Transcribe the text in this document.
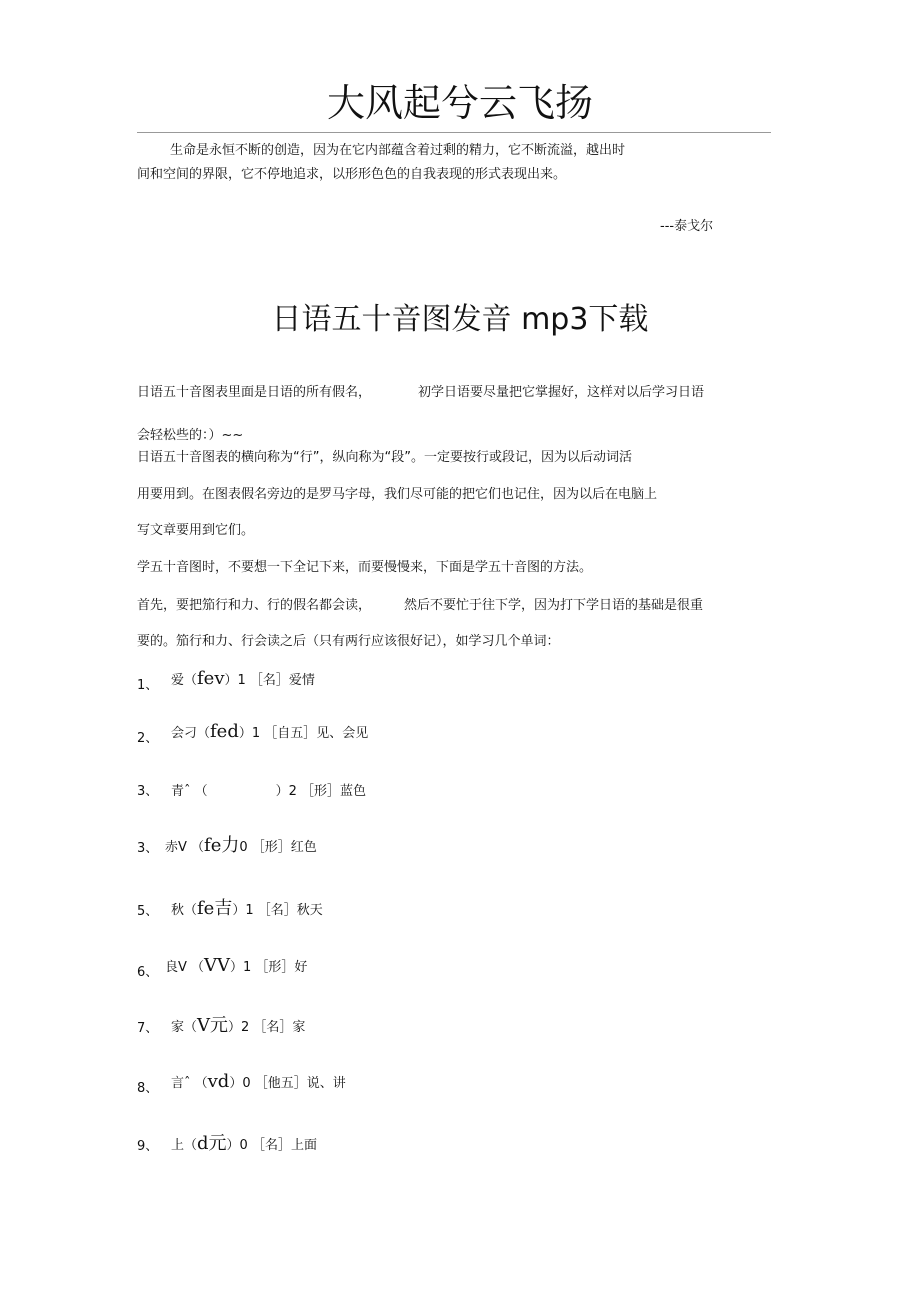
大风起兮云飞扬
生命是永恒不断的创造，因为在它内部蕴含着过剩的精力，它不断流溢，越出时
间和空间的界限，它不停地追求，以形形色色的自我表现的形式表现出来。
---泰戈尔
日语五十音图发音 mp3下载
日语五十音图表里面是日语的所有假名，	初学日语要尽量把它掌握好，这样对以后学习日语
会轻松些的：）~~
日语五十音图表的横向称为“行”，纵向称为“段”。一定要按行或段记，因为以后动词活
用要用到。在图表假名旁边的是罗马字母，我们尽可能的把它们也记住，因为以后在电脑上
写文章要用到它们。
学五十音图时，不要想一下全记下来，而要慢慢来，下面是学五十音图的方法。
首先，要把笳行和力、行的假名都会读，	然后不要忙于往下学，因为打下学日语的基础是很重
要的。笳行和力、行会读之后（只有两行应该很好记），如学习几个单词：
1、 爱（fev）1 ［名］爱情
2、 会刁（fed）1 ［自五］见、会见
3、 青ˆ （	）2 ［形］蓝色
3、 赤V （fe力0 ［形］红色
5、 秋（fe吉）1 ［名］秋天
6、 良V （VV）1 ［形］好
7、 家（V元）2 ［名］家
8、 言ˆ （vd）0 ［他五］说、讲
9、 上（d元）0 ［名］上面
